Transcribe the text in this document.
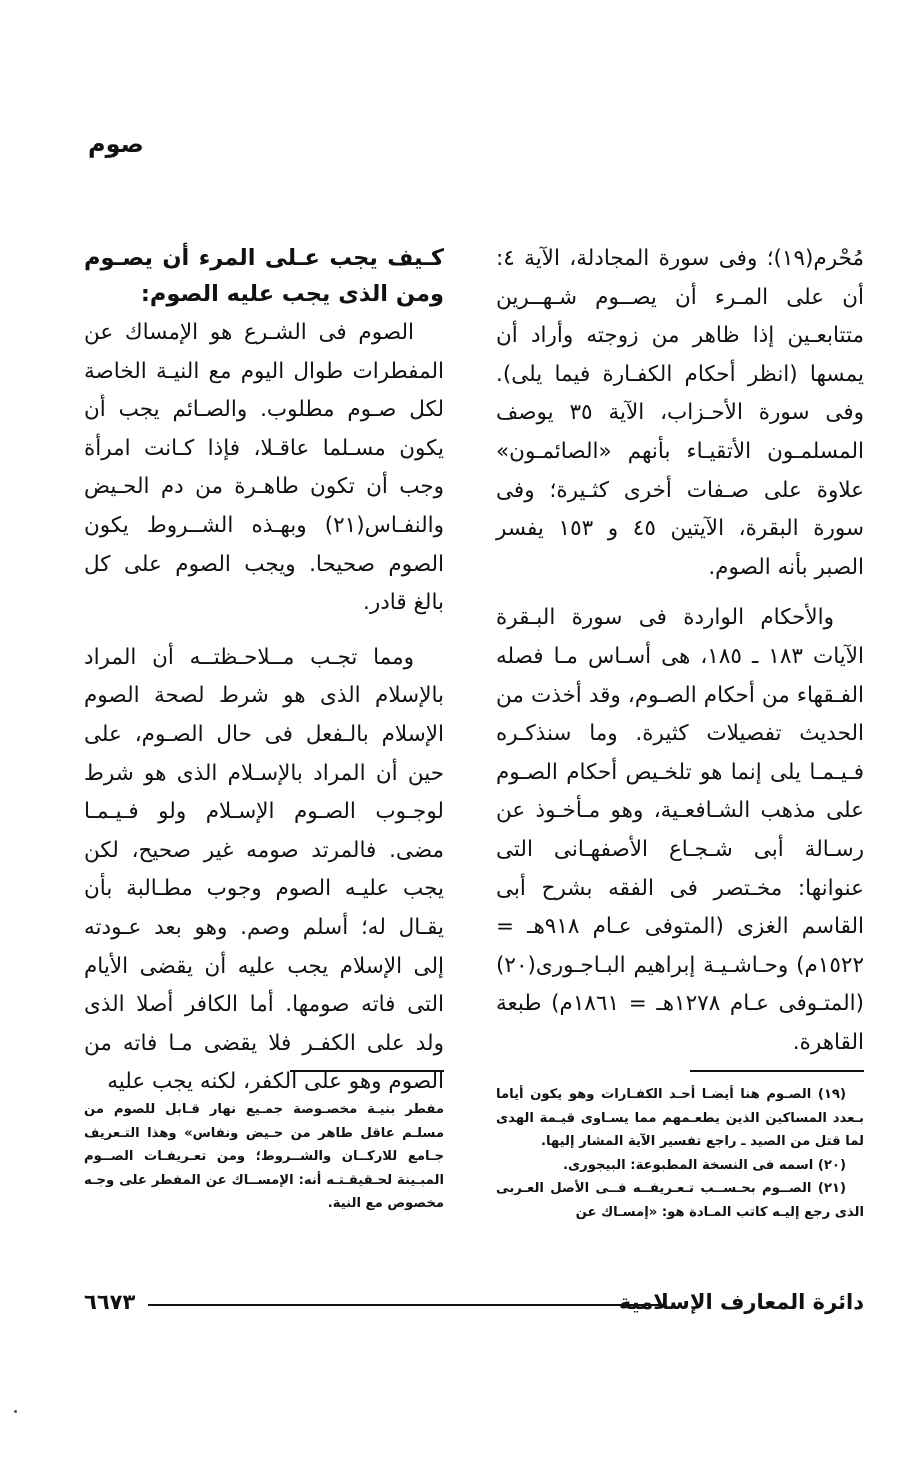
صوم

مُحْرم(١٩)؛ وفى سورة المجادلة، الآية ٤: أن على المـرء أن يصــوم شـهــرين متتابعـين إذا ظاهر من زوجته وأراد أن يمسها (انظر أحكام الكفـارة فيما يلى). وفى سورة الأحـزاب، الآية ٣٥ يوصف المسلمـون الأتقيـاء بأنهم «الصائمـون» علاوة على صـفات أخرى كثـيرة؛ وفى سورة البقرة، الآيتين ٤٥ و ١٥٣ يفسر الصبر بأنه الصوم.

والأحكام الواردة فى سورة البـقرة الآيات ١٨٣ ـ ١٨٥، هى أسـاس مـا فصله الفـقهاء من أحكام الصـوم، وقد أخذت من الحديث تفصيلات كثيرة. وما سنذكـره فـيـمـا يلى إنما هو تلخـيص أحكام الصـوم على مذهب الشـافعـية، وهو مـأخـوذ عن رسـالة أبى شـجـاع الأصفهـانى التى عنوانها: مخـتصر فى الفقه بشرح أبى القاسم الغزى (المتوفى عـام ٩١٨هـ = ١٥٢٢م) وحـاشـيـة إبراهيم البـاجـورى(٢٠) (المتـوفى عـام ١٢٧٨هـ = ١٨٦١م) طبعة القاهرة.

كـيف يجب عـلى المرء أن يصـوم ومن الذى يجب عليه الصوم:

الصوم فى الشـرع هو الإمساك عن المفطرات طوال اليوم مع النيـة الخاصة لكل صـوم مطلوب. والصـائم يجب أن يكون مسـلما عاقـلا، فإذا كـانت امرأة وجب أن تكون طاهـرة من دم الحـيض والنفـاس(٢١) وبهـذه الشــروط يكون الصوم صحيحا. ويجب الصوم على كل بالغ قادر.

ومما تجـب مــلاحـظتــه أن المراد بالإسلام الذى هو شرط لصحة الصوم الإسلام بالـفعل فى حال الصـوم، على حين أن المراد بالإسـلام الذى هو شرط لوجـوب الصـوم الإسـلام ولو فـيـمـا مضى. فالمرتد صومه غير صحيح، لكن يجب عليـه الصوم وجوب مطـالبة بأن يقـال له؛ أسلم وصم. وهو بعد عـودته إلى الإسلام يجب عليه أن يقضى الأيام التى فاته صومها. أما الكافر أصلا الذى ولد على الكفـر فلا يقضى مـا فاته من الصوم وهو على الكفر، لكنه يجب عليه

(١٩) الصـوم هنا أيضـا أحـد الكفـارات وهو يكون أياما بـعدد المساكين الذين يطعـمهم مما يسـاوى قيـمة الهدى لما قتل من الصيد ـ راجع تفسير الآية المشار إليها.

(٢٠) اسمه فى النسخة المطبوعة: البيجورى.

(٢١) الصــوم بحـســب تـعـريفــه فــى الأصل العـربى الذى رجع إليـه كاتب المـادة هو: «إمسـاك عن

مفطر بنيـة مخصـوصة جمـيع نهار قـابل للصوم من مسلـم عاقل طاهر من حـيض ونفاس» وهذا التـعريف جـامع للاركــان والشــروط؛ ومن تعـريفـات الصــوم المبـينة لحـقيقـتـه أنه: الإمســاك عن المفطر على وجـه مخصوص مع النية.

دائرة المعارف الإسلامية
٦٦٧٣
